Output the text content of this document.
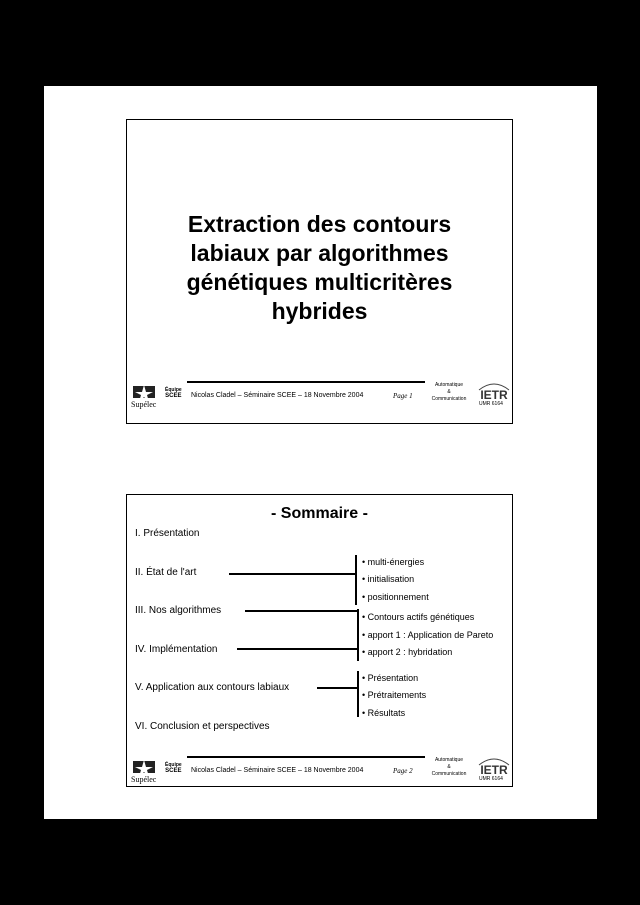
Extraction des contours
labiaux par algorithmes
génétiques multicritères
hybrides
Supélec
Équipe
SCEE Nicolas Cladel – Séminaire SCEE – 18 Novembre 2004	Page 1
Automatique
&
Communication	IETR
UMR 6164
- Sommaire -
I. Présentation
II. État de l'art
III. Nos algorithmes
IV. Implémentation
V. Application aux contours labiaux
VI. Conclusion et perspectives
• multi-énergies
• initialisation
• positionnement
• Contours actifs génétiques
• apport 1 : Application de Pareto
• apport 2 : hybridation
• Présentation
• Prétraitements
• Résultats
Supélec
Équipe
SCEE Nicolas Cladel – Séminaire SCEE – 18 Novembre 2004	Page 2
Automatique
&
Communication	IETR
UMR 6164
